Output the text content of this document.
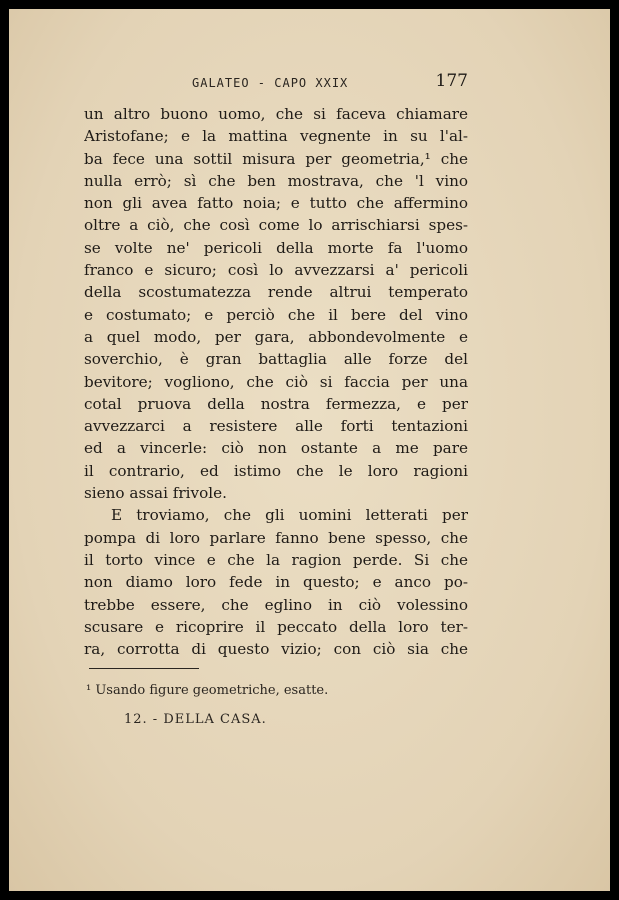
GALATEO - CAPO XXIX	177
un altro buono uomo, che si faceva chiamare
Aristofane; e la mattina vegnente in su l'al-
ba fece una sottil misura per geometria,¹ che
nulla errò; sì che ben mostrava, che 'l vino
non gli avea fatto noia; e tutto che affermino
oltre a ciò, che così come lo arrischiarsi spes-
se volte ne' pericoli della morte fa l'uomo
franco e sicuro; così lo avvezzarsi a' pericoli
della scostumatezza rende altrui temperato
e costumato; e perciò che il bere del vino
a quel modo, per gara, abbondevolmente e
soverchio, è gran battaglia alle forze del
bevitore; vogliono, che ciò si faccia per una
cotal pruova della nostra fermezza, e per
avvezzarci a resistere alle forti tentazioni
ed a vincerle: ciò non ostante a me pare
il contrario, ed istimo che le loro ragioni
sieno assai frivole.
E troviamo, che gli uomini letterati per
pompa di loro parlare fanno bene spesso, che
il torto vince e che la ragion perde. Si che
non diamo loro fede in questo; e anco po-
trebbe essere, che eglino in ciò volessino
scusare e ricoprire il peccato della loro ter-
ra, corrotta di questo vizio; con ciò sia che
¹ Usando figure geometriche, esatte.
12. - DELLA CASA.
